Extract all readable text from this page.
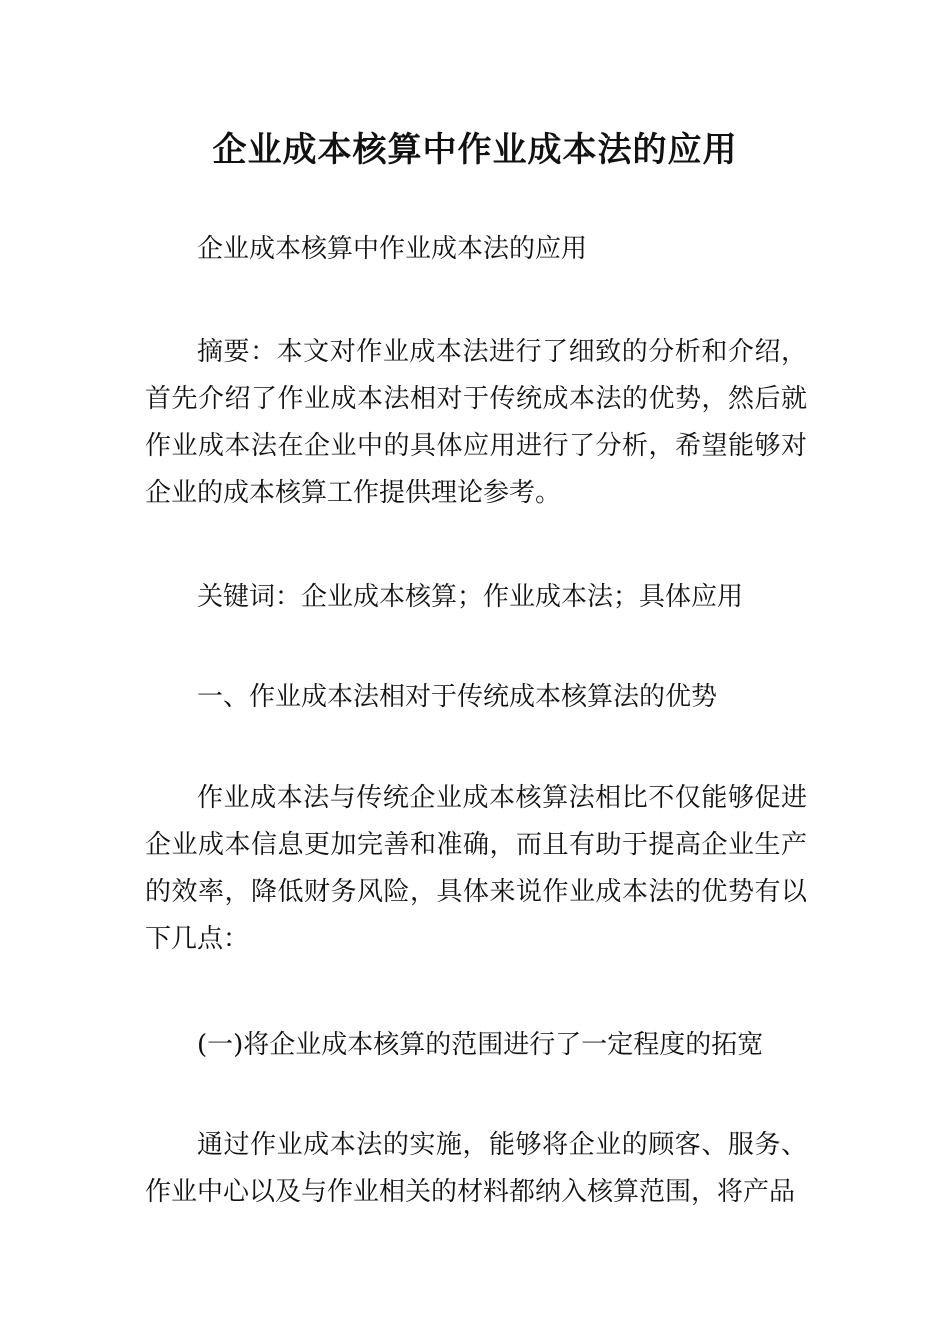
企业成本核算中作业成本法的应用

企业成本核算中作业成本法的应用

摘要：本文对作业成本法进行了细致的分析和介绍，首先介绍了作业成本法相对于传统成本法的优势，然后就作业成本法在企业中的具体应用进行了分析，希望能够对企业的成本核算工作提供理论参考。

关键词：企业成本核算；作业成本法；具体应用

一、作业成本法相对于传统成本核算法的优势

作业成本法与传统企业成本核算法相比不仅能够促进企业成本信息更加完善和准确，而且有助于提高企业生产的效率，降低财务风险，具体来说作业成本法的优势有以下几点：

(一)将企业成本核算的范围进行了一定程度的拓宽

通过作业成本法的实施，能够将企业的顾客、服务、作业中心以及与作业相关的材料都纳入核算范围，将产品
